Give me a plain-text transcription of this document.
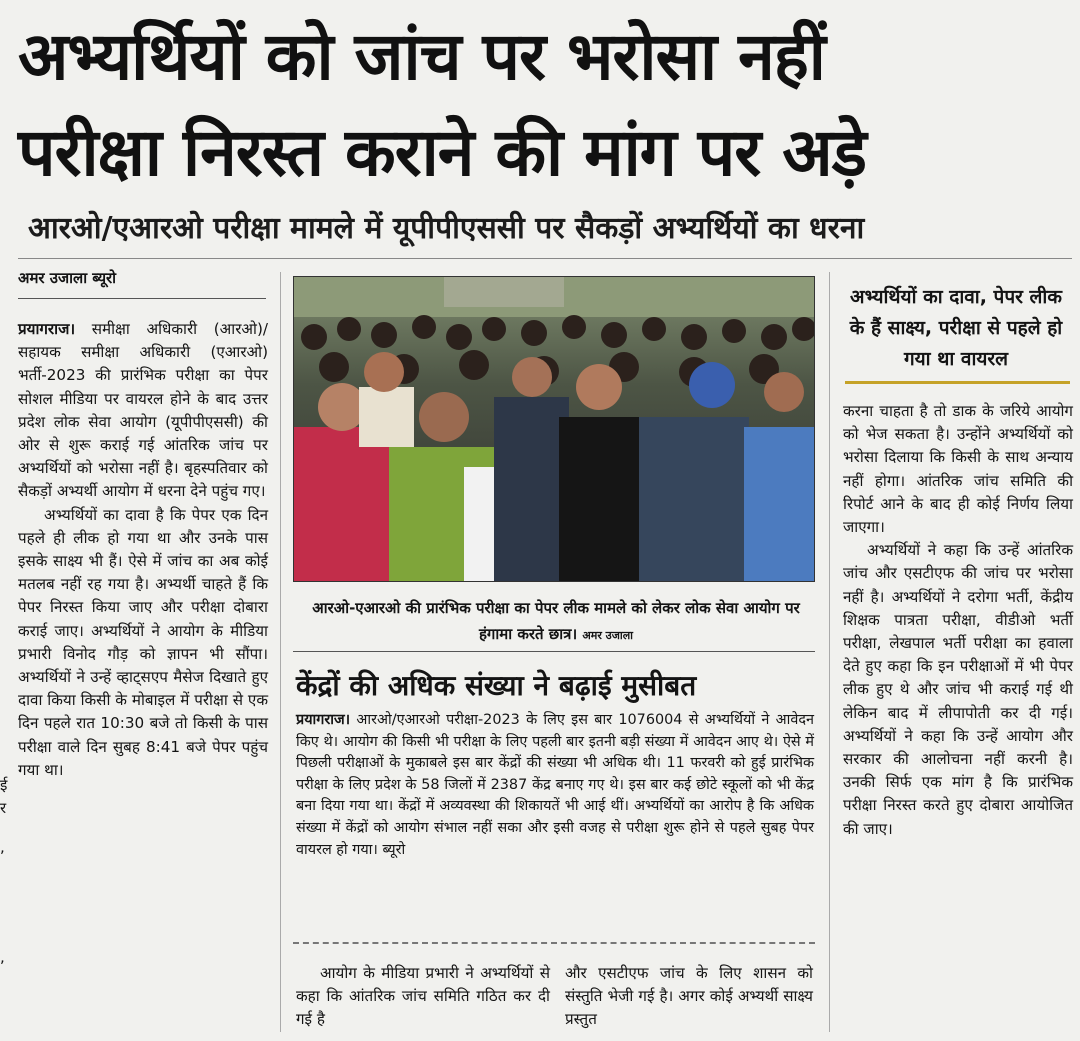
अभ्यर्थियों को जांच पर भरोसा नहीं
परीक्षा निरस्त कराने की मांग पर अड़े
आरओ/एआरओ परीक्षा मामले में यूपीपीएससी पर सैकड़ों अभ्यर्थियों का धरना
अमर उजाला ब्यूरो

प्रयागराज। समीक्षा अधिकारी (आरओ)/सहायक समीक्षा अधिकारी (एआरओ) भर्ती-2023 की प्रारंभिक परीक्षा का पेपर सोशल मीडिया पर वायरल होने के बाद उत्तर प्रदेश लोक सेवा आयोग (यूपीपीएससी) की ओर से शुरू कराई गई आंतरिक जांच पर अभ्यर्थियों को भरोसा नहीं है। बृहस्पतिवार को सैकड़ों अभ्यर्थी आयोग में धरना देने पहुंच गए।

अभ्यर्थियों का दावा है कि पेपर एक दिन पहले ही लीक हो गया था और उनके पास इसके साक्ष्य भी हैं। ऐसे में जांच का अब कोई मतलब नहीं रह गया है। अभ्यर्थी चाहते हैं कि पेपर निरस्त किया जाए और परीक्षा दोबारा कराई जाए। अभ्यर्थियों ने आयोग के मीडिया प्रभारी विनोद गौड़ को ज्ञापन भी सौंपा। अभ्यर्थियों ने उन्हें व्हाट्सएप मैसेज दिखाते हुए दावा किया किसी के मोबाइल में परीक्षा से एक दिन पहले रात 10:30 बजे तो किसी के पास परीक्षा वाले दिन सुबह 8:41 बजे पेपर पहुंच गया था।

ई
र
,
,
आरओ-एआरओ की प्रारंभिक परीक्षा का पेपर लीक मामले को लेकर लोक सेवा आयोग पर हंगामा करते छात्र। अमर उजाला
केंद्रों की अधिक संख्या ने बढ़ाई मुसीबत

प्रयागराज। आरओ/एआरओ परीक्षा-2023 के लिए इस बार 1076004 से अभ्यर्थियों ने आवेदन किए थे। आयोग की किसी भी परीक्षा के लिए पहली बार इतनी बड़ी संख्या में आवेदन आए थे। ऐसे में पिछली परीक्षाओं के मुकाबले इस बार केंद्रों की संख्या भी अधिक थी। 11 फरवरी को हुई प्रारंभिक परीक्षा के लिए प्रदेश के 58 जिलों में 2387 केंद्र बनाए गए थे। इस बार कई छोटे स्कूलों को भी केंद्र बना दिया गया था। केंद्रों में अव्यवस्था की शिकायतें भी आई थीं। अभ्यर्थियों का आरोप है कि अधिक संख्या में केंद्रों को आयोग संभाल नहीं सका और इसी वजह से परीक्षा शुरू होने से पहले सुबह पेपर वायरल हो गया। ब्यूरो

आयोग के मीडिया प्रभारी ने अभ्यर्थियों से कहा कि आंतरिक जांच समिति गठित कर दी गई है
और एसटीएफ जांच के लिए शासन को संस्तुति भेजी गई है। अगर कोई अभ्यर्थी साक्ष्य प्रस्तुत
अभ्यर्थियों का दावा, पेपर लीक के हैं साक्ष्य, परीक्षा से पहले हो गया था वायरल

करना चाहता है तो डाक के जरिये आयोग को भेज सकता है। उन्होंने अभ्यर्थियों को भरोसा दिलाया कि किसी के साथ अन्याय नहीं होगा। आंतरिक जांच समिति की रिपोर्ट आने के बाद ही कोई निर्णय लिया जाएगा।

अभ्यर्थियों ने कहा कि उन्हें आंतरिक जांच और एसटीएफ की जांच पर भरोसा नहीं है। अभ्यर्थियों ने दरोगा भर्ती, केंद्रीय शिक्षक पात्रता परीक्षा, वीडीओ भर्ती परीक्षा, लेखपाल भर्ती परीक्षा का हवाला देते हुए कहा कि इन परीक्षाओं में भी पेपर लीक हुए थे और जांच भी कराई गई थी लेकिन बाद में लीपापोती कर दी गई। अभ्यर्थियों ने कहा कि उन्हें आयोग और सरकार की आलोचना नहीं करनी है। उनकी सिर्फ एक मांग है कि प्रारंभिक परीक्षा निरस्त करते हुए दोबारा आयोजित की जाए।
